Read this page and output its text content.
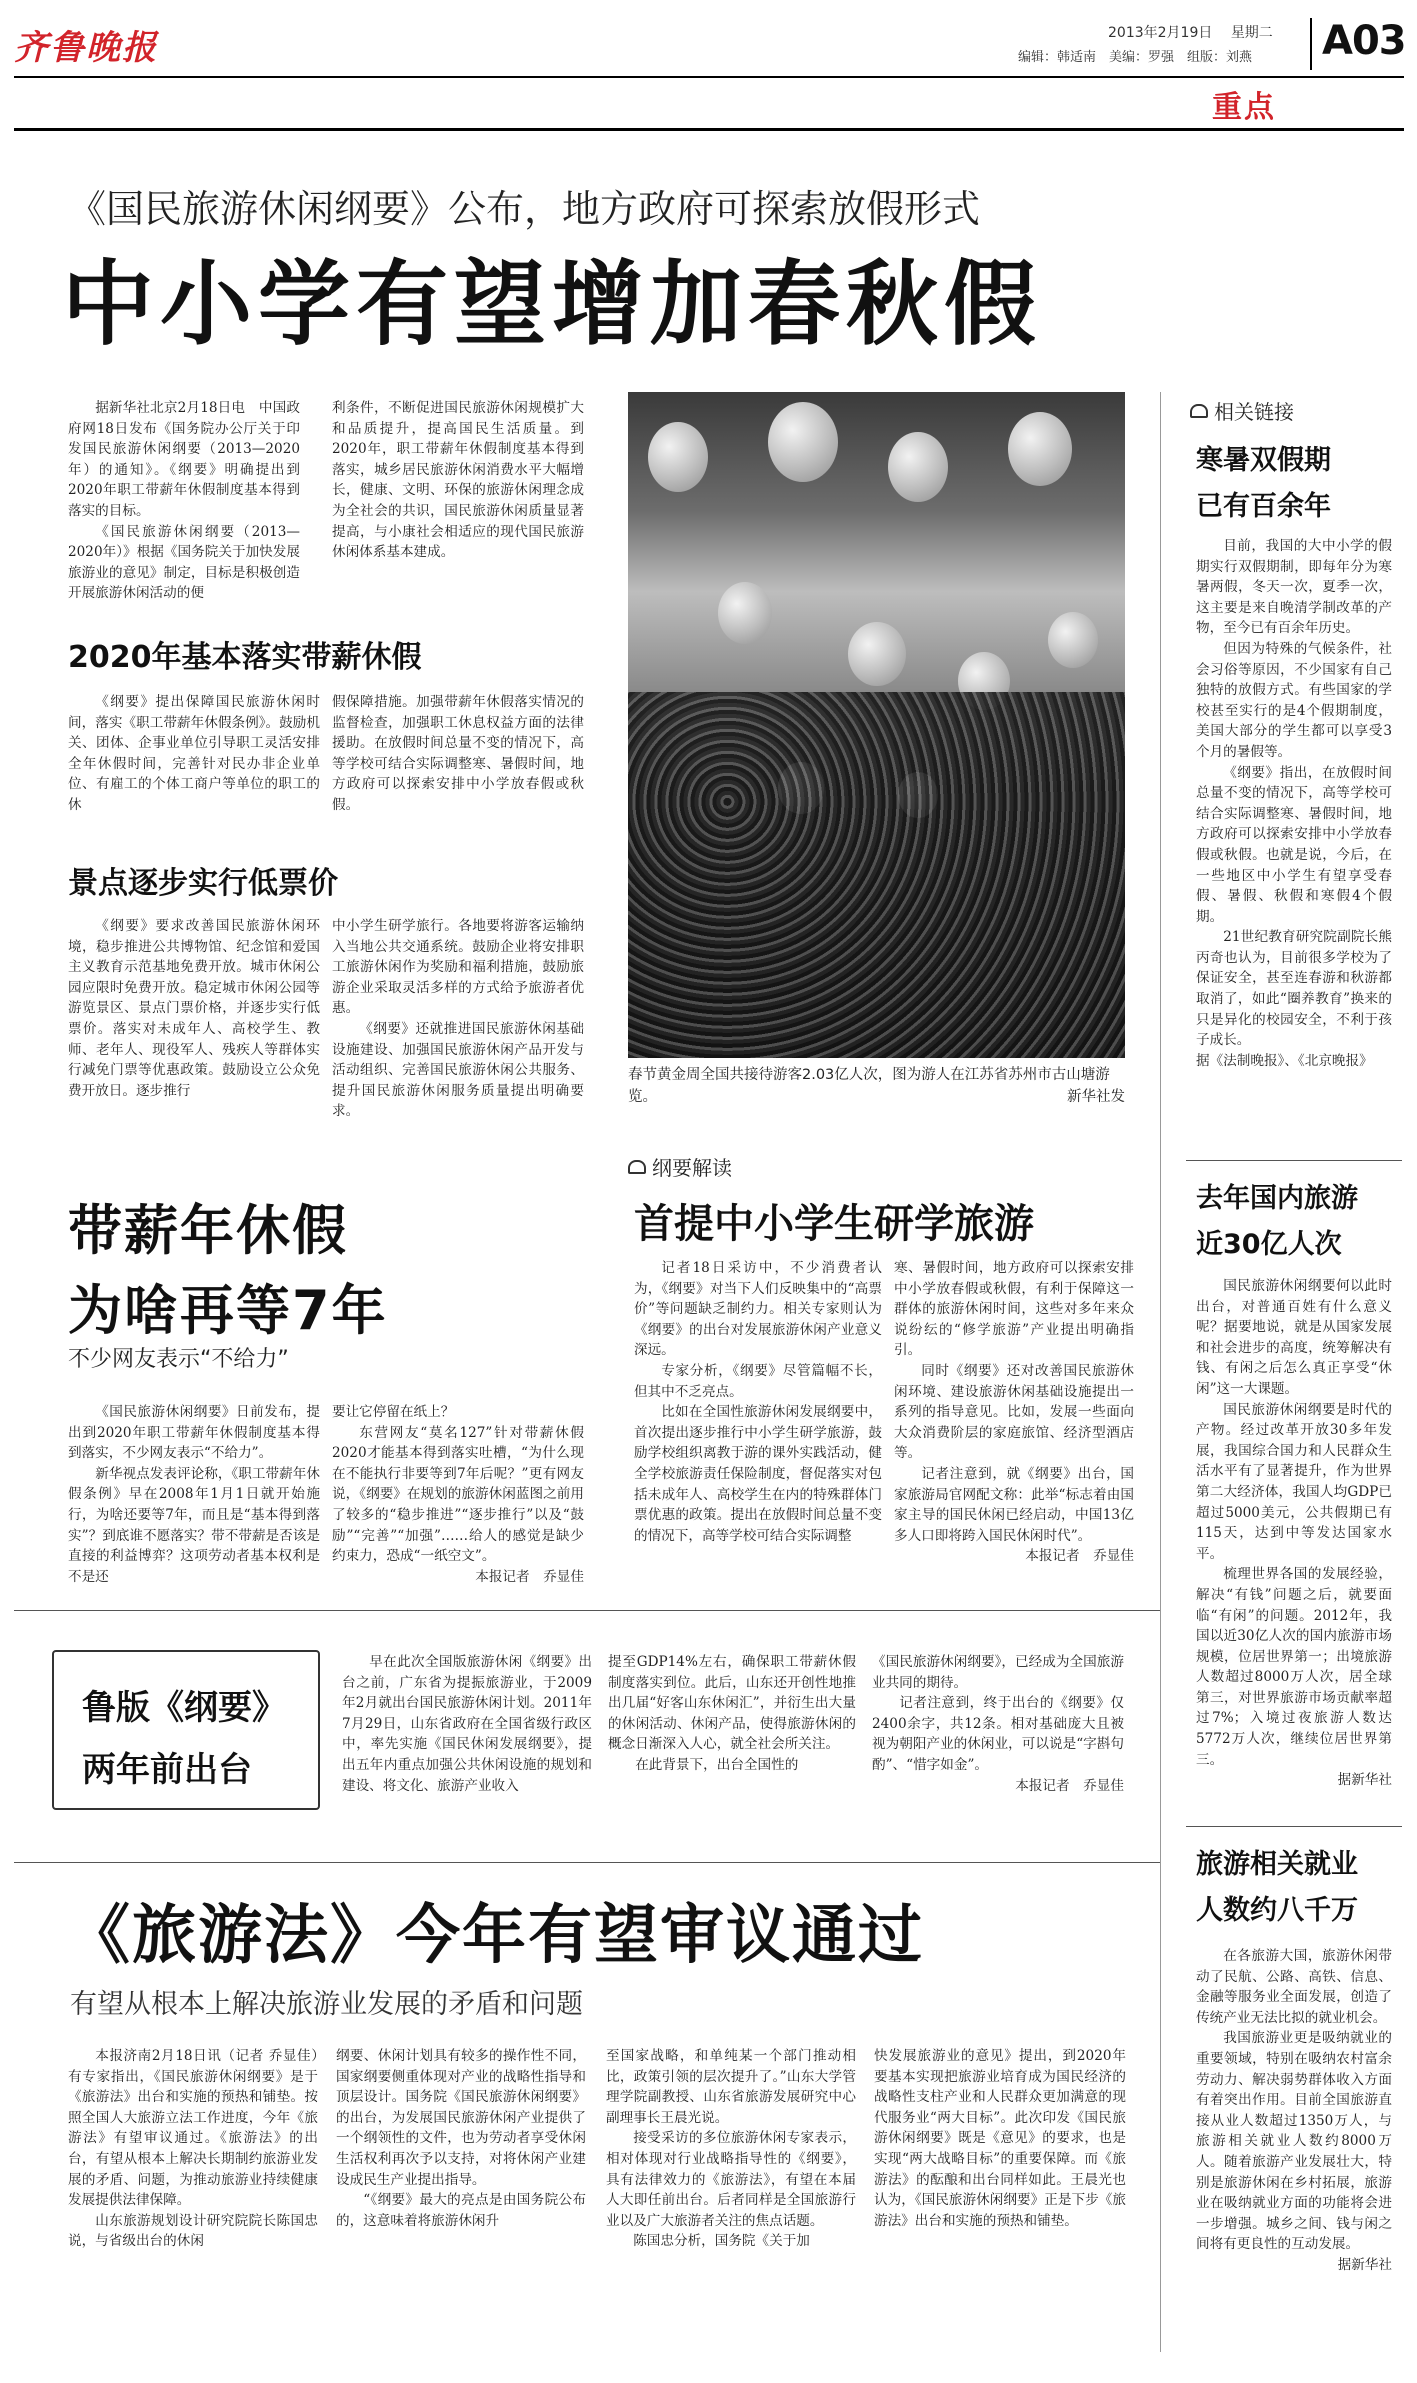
齐鲁晚报	2013年2月19日 星期二
编辑：韩适南　美编：罗强　组版：刘燕 A03
重点
《国民旅游休闲纲要》公布，地方政府可探索放假形式
中小学有望增加春秋假

据新华社北京2月18日电　中国政府网18日发布《国务院办公厅关于印发国民旅游休闲纲要（2013—2020年）的通知》。《纲要》明确提出到2020年职工带薪年休假制度基本得到落实的目标。

《国民旅游休闲纲要（2013—2020年）》根据《国务院关于加快发展旅游业的意见》制定，目标是积极创造开展旅游休闲活动的便

利条件，不断促进国民旅游休闲规模扩大和品质提升，提高国民生活质量。到2020年，职工带薪年休假制度基本得到落实，城乡居民旅游休闲消费水平大幅增长，健康、文明、环保的旅游休闲理念成为全社会的共识，国民旅游休闲质量显著提高，与小康社会相适应的现代国民旅游休闲体系基本建成。

2020年基本落实带薪休假

《纲要》提出保障国民旅游休闲时间，落实《职工带薪年休假条例》。鼓励机关、团体、企事业单位引导职工灵活安排全年休假时间，完善针对民办非企业单位、有雇工的个体工商户等单位的职工的休

假保障措施。加强带薪年休假落实情况的监督检查，加强职工休息权益方面的法律援助。在放假时间总量不变的情况下，高等学校可结合实际调整寒、暑假时间，地方政府可以探索安排中小学放春假或秋假。

景点逐步实行低票价

《纲要》要求改善国民旅游休闲环境，稳步推进公共博物馆、纪念馆和爱国主义教育示范基地免费开放。城市休闲公园应限时免费开放。稳定城市休闲公园等游览景区、景点门票价格，并逐步实行低票价。落实对未成年人、高校学生、教师、老年人、现役军人、残疾人等群体实行减免门票等优惠政策。鼓励设立公众免费开放日。逐步推行

中小学生研学旅行。各地要将游客运输纳入当地公共交通系统。鼓励企业将安排职工旅游休闲作为奖励和福利措施，鼓励旅游企业采取灵活多样的方式给予旅游者优惠。

《纲要》还就推进国民旅游休闲基础设施建设、加强国民旅游休闲产品开发与活动组织、完善国民旅游休闲公共服务、提升国民旅游休闲服务质量提出明确要求。

春节黄金周全国共接待游客2.03亿人次，图为游人在江苏省苏州市古山塘游览。	新华社发
相关链接
寒暑双假期
已有百余年

目前，我国的大中小学的假期实行双假期制，即每年分为寒暑两假，冬天一次，夏季一次，这主要是来自晚清学制改革的产物，至今已有百余年历史。

但因为特殊的气候条件，社会习俗等原因，不少国家有自己独特的放假方式。有些国家的学校甚至实行的是4个假期制度，美国大部分的学生都可以享受3个月的暑假等。

《纲要》指出，在放假时间总量不变的情况下，高等学校可结合实际调整寒、暑假时间，地方政府可以探索安排中小学放春假或秋假。也就是说，今后，在一些地区中小学生有望享受春假、暑假、秋假和寒假4个假期。

21世纪教育研究院副院长熊丙奇也认为，目前很多学校为了保证安全，甚至连春游和秋游都取消了，如此“圈养教育”换来的只是异化的校园安全，不利于孩子成长。

据《法制晚报》、《北京晚报》

去年国内旅游
近30亿人次

国民旅游休闲纲要何以此时出台，对普通百姓有什么意义呢？据要地说，就是从国家发展和社会进步的高度，统筹解决有钱、有闲之后怎么真正享受“休闲”这一大课题。

国民旅游休闲纲要是时代的产物。经过改革开放30多年发展，我国综合国力和人民群众生活水平有了显著提升，作为世界第二大经济体，我国人均GDP已超过5000美元，公共假期已有115天，达到中等发达国家水平。

梳理世界各国的发展经验，解决“有钱”问题之后，就要面临“有闲”的问题。2012年，我国以近30亿人次的国内旅游市场规模，位居世界第一；出境旅游人数超过8000万人次，居全球第三，对世界旅游市场贡献率超过7%；入境过夜旅游人数达5772万人次，继续位居世界第三。

据新华社

旅游相关就业
人数约八千万

在各旅游大国，旅游休闲带动了民航、公路、高铁、信息、金融等服务业全面发展，创造了传统产业无法比拟的就业机会。

我国旅游业更是吸纳就业的重要领域，特别在吸纳农村富余劳动力、解决弱势群体收入方面有着突出作用。目前全国旅游直接从业人数超过1350万人，与旅游相关就业人数约8000万人。随着旅游产业发展壮大，特别是旅游休闲在乡村拓展，旅游业在吸纳就业方面的功能将会进一步增强。城乡之间、钱与闲之间将有更良性的互动发展。

据新华社

带薪年休假
为啥再等7年
不少网友表示“不给力”

《国民旅游休闲纲要》日前发布，提出到2020年职工带薪年休假制度基本得到落实，不少网友表示“不给力”。

新华视点发表评论称，《职工带薪年休假条例》早在2008年1月1日就开始施行，为啥还要等7年，而且是“基本得到落实”？到底谁不愿落实？带不带薪是否该是直接的利益博弈？这项劳动者基本权利是不是还

要让它停留在纸上？

东营网友“莫名127”针对带薪休假2020才能基本得到落实吐槽，“为什么现在不能执行非要等到7年后呢？”更有网友说，《纲要》在规划的旅游休闲蓝图之前用了较多的“稳步推进”“逐步推行”以及“鼓励”“完善”“加强”……给人的感觉是缺少约束力，恐成“一纸空文”。

本报记者　乔显佳

纲要解读
首提中小学生研学旅游

记者18日采访中，不少消费者认为，《纲要》对当下人们反映集中的“高票价”等问题缺乏制约力。相关专家则认为《纲要》的出台对发展旅游休闲产业意义深远。

专家分析，《纲要》尽管篇幅不长，但其中不乏亮点。

比如在全国性旅游休闲发展纲要中，首次提出逐步推行中小学生研学旅游，鼓励学校组织离教于游的课外实践活动，健全学校旅游责任保险制度，督促落实对包括未成年人、高校学生在内的特殊群体门票优惠的政策。提出在放假时间总量不变的情况下，高等学校可结合实际调整

寒、暑假时间，地方政府可以探索安排中小学放春假或秋假，有利于保障这一群体的旅游休闲时间，这些对多年来众说纷纭的“修学旅游”产业提出明确指引。

同时《纲要》还对改善国民旅游休闲环境、建设旅游休闲基础设施提出一系列的指导意见。比如，发展一些面向大众消费阶层的家庭旅馆、经济型酒店等。

记者注意到，就《纲要》出台，国家旅游局官网配文称：此举“标志着由国家主导的国民休闲已经启动，中国13亿多人口即将跨入国民休闲时代”。

本报记者　乔显佳

鲁版《纲要》
两年前出台

早在此次全国版旅游休闲《纲要》出台之前，广东省为提振旅游业，于2009年2月就出台国民旅游休闲计划。2011年7月29日，山东省政府在全国省级行政区中，率先实施《国民休闲发展纲要》，提出五年内重点加强公共休闲设施的规划和建设、将文化、旅游产业收入

提至GDP14%左右，确保职工带薪休假制度落实到位。此后，山东还开创性地推出几届“好客山东休闲汇”，并衍生出大量的休闲活动、休闲产品，使得旅游休闲的概念日渐深入人心，就全社会所关注。

在此背景下，出台全国性的

《国民旅游休闲纲要》，已经成为全国旅游业共同的期待。

记者注意到，终于出台的《纲要》仅2400余字，共12条。相对基础庞大且被视为朝阳产业的休闲业，可以说是“字斟句酌”、“惜字如金”。

本报记者　乔显佳

《旅游法》今年有望审议通过
有望从根本上解决旅游业发展的矛盾和问题

本报济南2月18日讯（记者 乔显佳）　有专家指出，《国民旅游休闲纲要》是于《旅游法》出台和实施的预热和铺垫。按照全国人大旅游立法工作进度，今年《旅游法》有望审议通过。《旅游法》的出台，有望从根本上解决长期制约旅游业发展的矛盾、问题，为推动旅游业持续健康发展提供法律保障。

山东旅游规划设计研究院院长陈国忠说，与省级出台的休闲

纲要、休闲计划具有较多的操作性不同，国家纲要侧重体现对产业的战略性指导和顶层设计。国务院《国民旅游休闲纲要》的出台，为发展国民旅游休闲产业提供了一个纲领性的文件，也为劳动者享受休闲生活权利再次予以支持，对将休闲产业建设成民生产业提出指导。

“《纲要》最大的亮点是由国务院公布的，这意味着将旅游休闲升

至国家战略，和单纯某一个部门推动相比，政策引领的层次提升了。”山东大学管理学院副教授、山东省旅游发展研究中心副理事长王晨光说。

接受采访的多位旅游休闲专家表示，相对体现对行业战略指导性的《纲要》，具有法律效力的《旅游法》，有望在本届人大即任前出台。后者同样是全国旅游行业以及广大旅游者关注的焦点话题。

陈国忠分析，国务院《关于加

快发展旅游业的意见》提出，到2020年要基本实现把旅游业培育成为国民经济的战略性支柱产业和人民群众更加满意的现代服务业“两大目标”。此次印发《国民旅游休闲纲要》既是《意见》的要求，也是实现“两大战略目标”的重要保障。而《旅游法》的酝酿和出台同样如此。王晨光也认为，《国民旅游休闲纲要》正是下步《旅游法》出台和实施的预热和铺垫。
